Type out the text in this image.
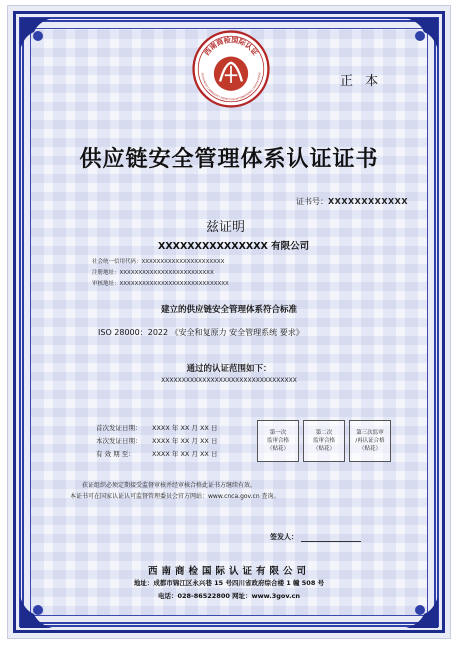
西南商检国际认证
SOUTHWEST COMMODITY INSPECTION INTERNATIONAL CERTIFICATION
正 本
供应链安全管理体系认证证书
证书号：XXXXXXXXXXXX
兹证明
XXXXXXXXXXXXXXX 有限公司
社会统一信用代码：XXXXXXXXXXXXXXXXXXXXXX
注册地址：XXXXXXXXXXXXXXXXXXXXXXXXX
审核地址：XXXXXXXXXXXXXXXXXXXXXXXXXXXXX
建立的供应链安全管理体系符合标准
ISO 28000：2022 《安全和复原力 安全管理系统 要求》
通过的认证范围如下：
XXXXXXXXXXXXXXXXXXXXXXXXXXXXXXXXX
首次发证日期： XXXX 年 XX 月 XX 日
本次发证日期： XXXX 年 XX 月 XX 日
有 效 期 至：	XXXX 年 XX 月 XX 日
第一次
监审合格
（贴花）
第二次
监审合格
（贴花）
第三次监审
/再认证合格
（贴花）
获证组织必须定期接受监督审核并经审核合格此证书方继续有效。
本证书可在国家认证认可监督管理委员会官方网站：www.cnca.gov.cn 查询。
签发人：
西南商检国际认证有限公司
地址：成都市锦江区永兴巷 15 号四川省政府综合楼 1 幢 508 号
电话：028-86522800 网址：www.3gov.cn
